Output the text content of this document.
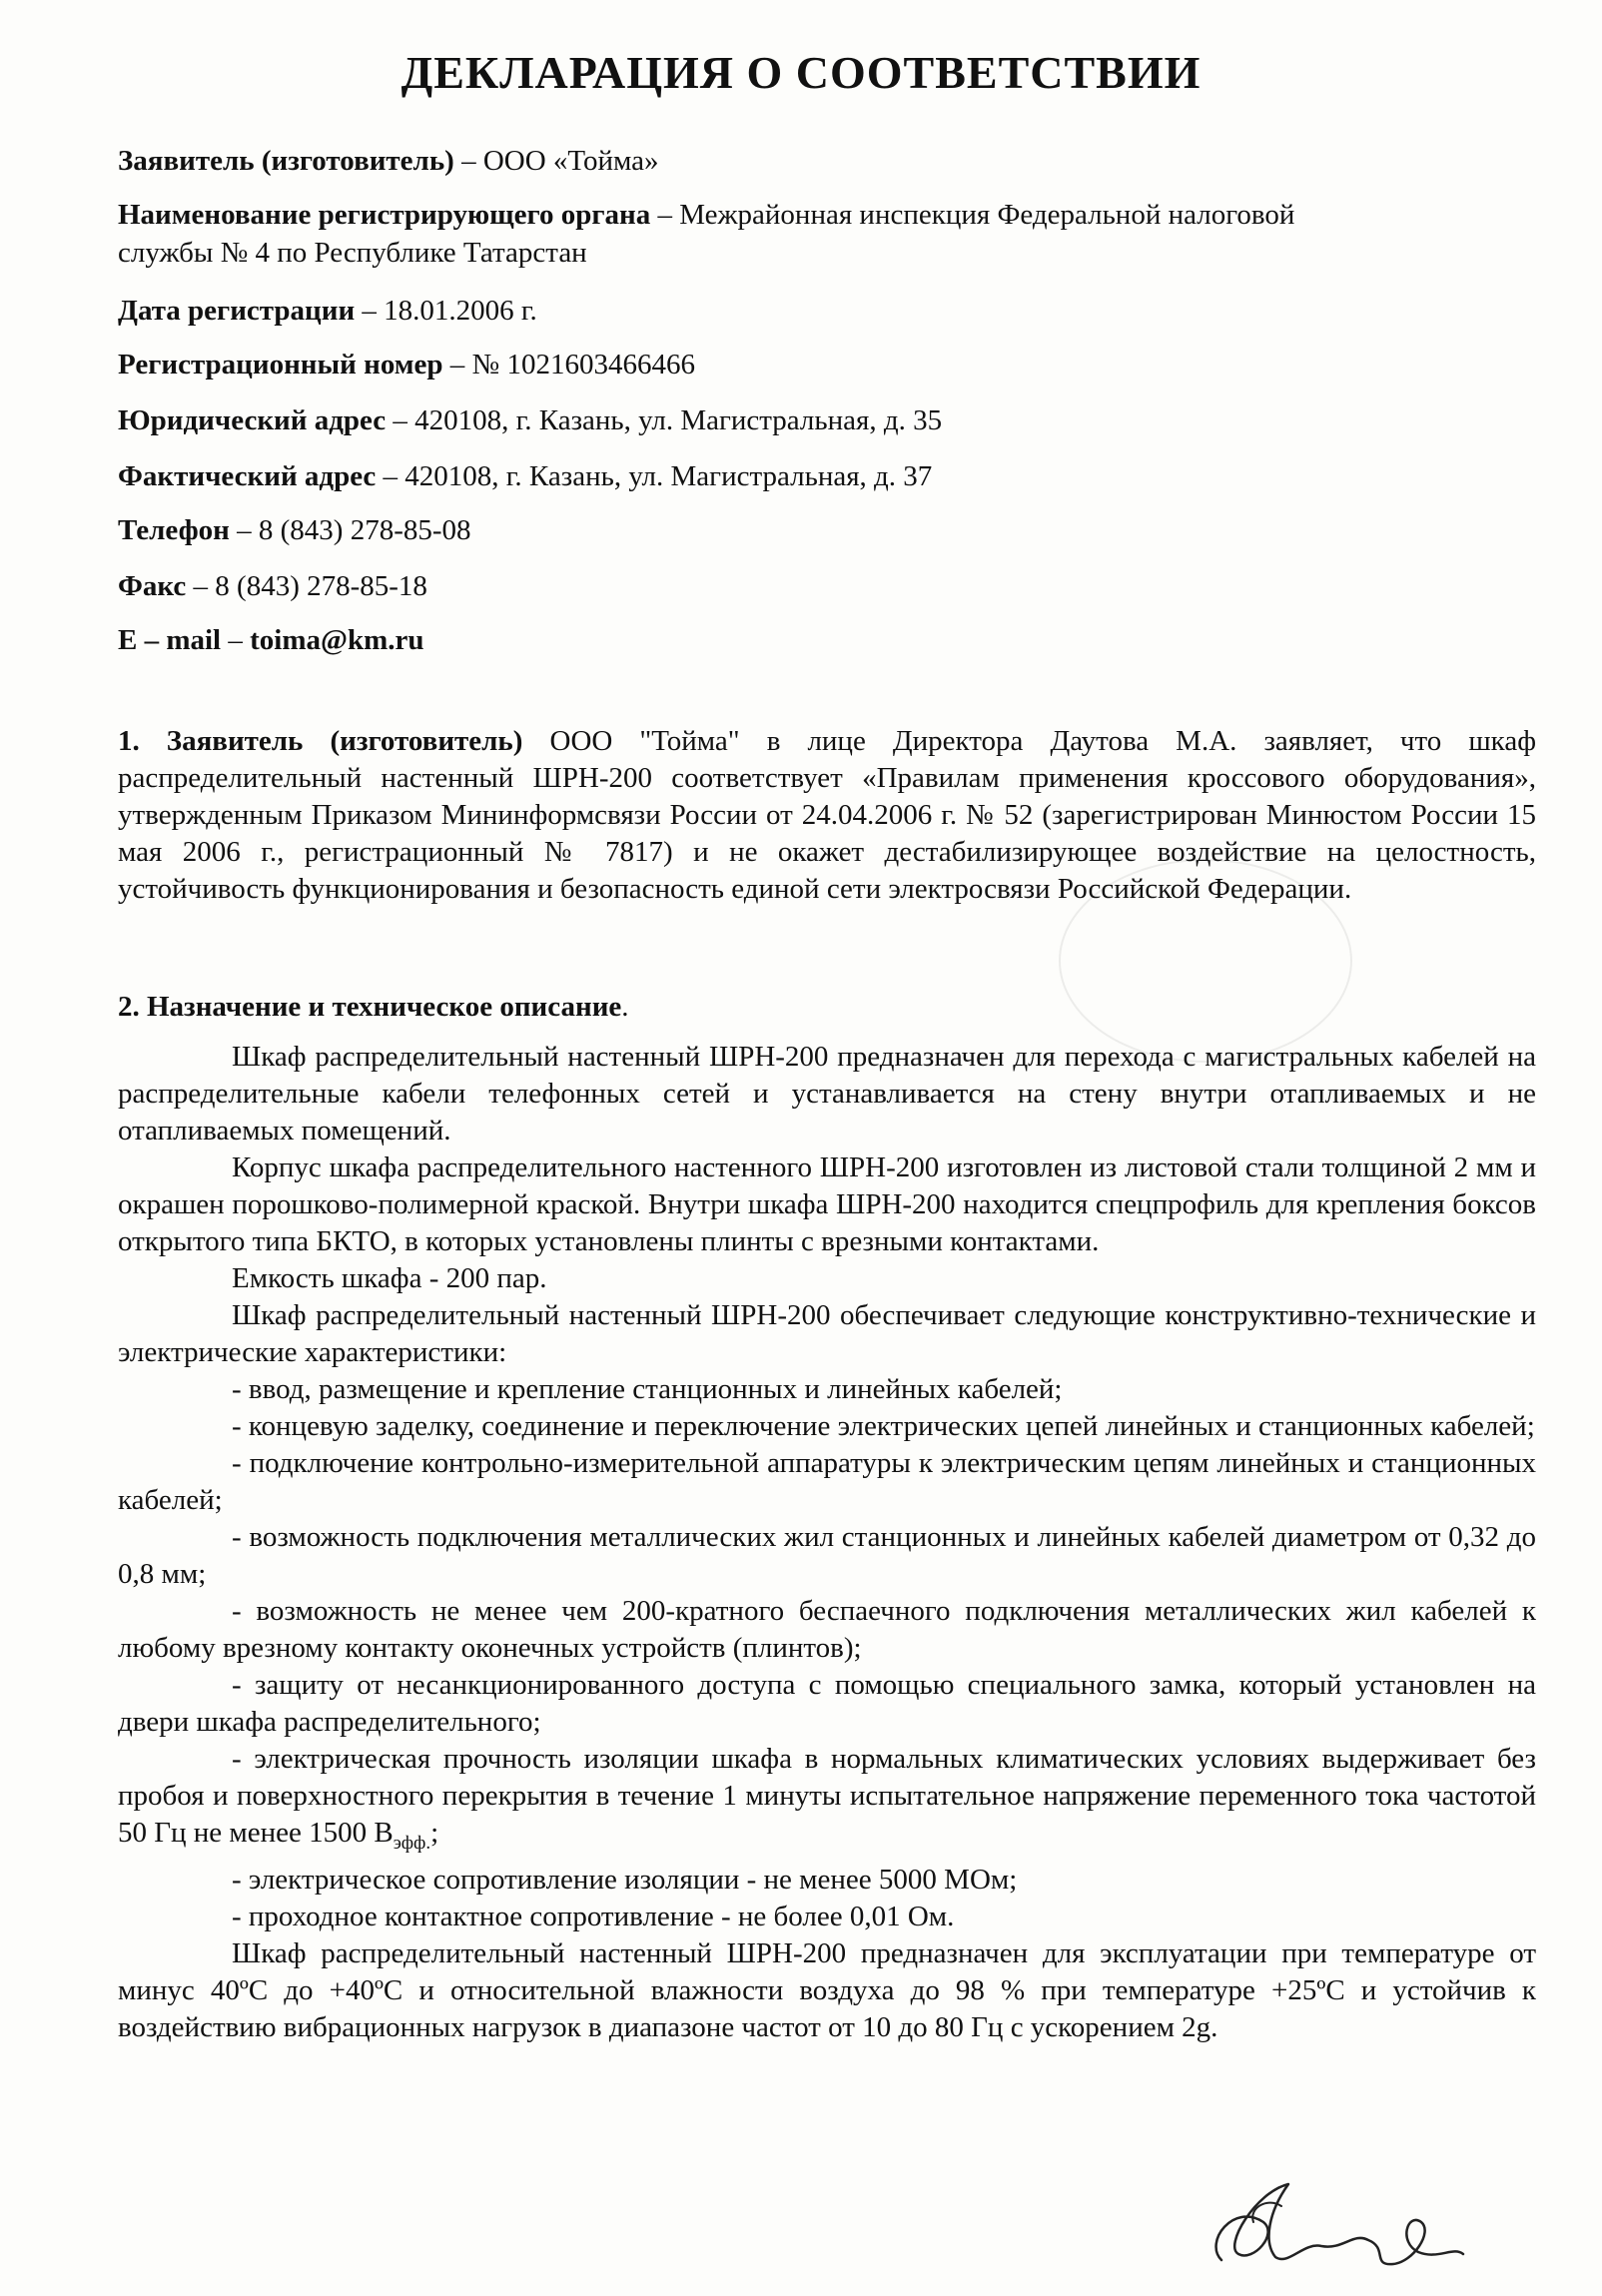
ДЕКЛАРАЦИЯ О СООТВЕТСТВИИ

Заявитель (изготовитель) – ООО «Тойма»

Наименование регистрирующего органа – Межрайонная инспекция Федеральной налоговой

службы № 4 по Республике Татарстан

Дата регистрации – 18.01.2006 г.

Регистрационный номер – № 1021603466466

Юридический адрес – 420108, г. Казань, ул. Магистральная, д. 35

Фактический адрес – 420108, г. Казань, ул. Магистральная, д. 37

Телефон – 8 (843) 278-85-08

Факс – 8 (843) 278-85-18

E – mail – toima@km.ru

1. Заявитель (изготовитель) ООО "Тойма" в лице Директора Даутова М.А. заявляет, что шкаф распределительный настенный ШРН-200 соответствует «Правилам применения кроссового оборудования», утвержденным Приказом Мининформсвязи России от 24.04.2006 г. № 52 (зарегистрирован Минюстом России 15 мая 2006 г., регистрационный № 7817) и не окажет дестабилизирующее воздействие на целостность, устойчивость функционирования и безопасность единой сети электросвязи Российской Федерации.

2. Назначение и техническое описание.

Шкаф распределительный настенный ШРН-200 предназначен для перехода с магистральных кабелей на распределительные кабели телефонных сетей и устанавливается на стену внутри отапливаемых и не отапливаемых помещений.

Корпус шкафа распределительного настенного ШРН-200 изготовлен из листовой стали толщиной 2 мм и окрашен порошково-полимерной краской. Внутри шкафа ШРН-200 находится спецпрофиль для крепления боксов открытого типа БКТО, в которых установлены плинты с врезными контактами.

Емкость шкафа - 200 пар.

Шкаф распределительный настенный ШРН-200 обеспечивает следующие конструктивно-технические и электрические характеристики:

- ввод, размещение и крепление станционных и линейных кабелей;

- концевую заделку, соединение и переключение электрических цепей линейных и станционных кабелей;

- подключение контрольно-измерительной аппаратуры к электрическим цепям линейных и станционных кабелей;

- возможность подключения металлических жил станционных и линейных кабелей диаметром от 0,32 до 0,8 мм;

- возможность не менее чем 200-кратного беспаечного подключения металлических жил кабелей к любому врезному контакту оконечных устройств (плинтов);

- защиту от несанкционированного доступа с помощью специального замка, который установлен на двери шкафа распределительного;

- электрическая прочность изоляции шкафа в нормальных климатических условиях выдерживает без пробоя и поверхностного перекрытия в течение 1 минуты испытательное напряжение переменного тока частотой 50 Гц не менее 1500 $В_{эфф.}$;

- электрическое сопротивление изоляции - не менее 5000 МОм;

- проходное контактное сопротивление - не более 0,01 Ом.

Шкаф распределительный настенный ШРН-200 предназначен для эксплуатации при температуре от минус 40ºС до +40ºС и относительной влажности воздуха до 98 % при температуре +25ºС и устойчив к воздействию вибрационных нагрузок в диапазоне частот от 10 до 80 Гц с ускорением 2g.
